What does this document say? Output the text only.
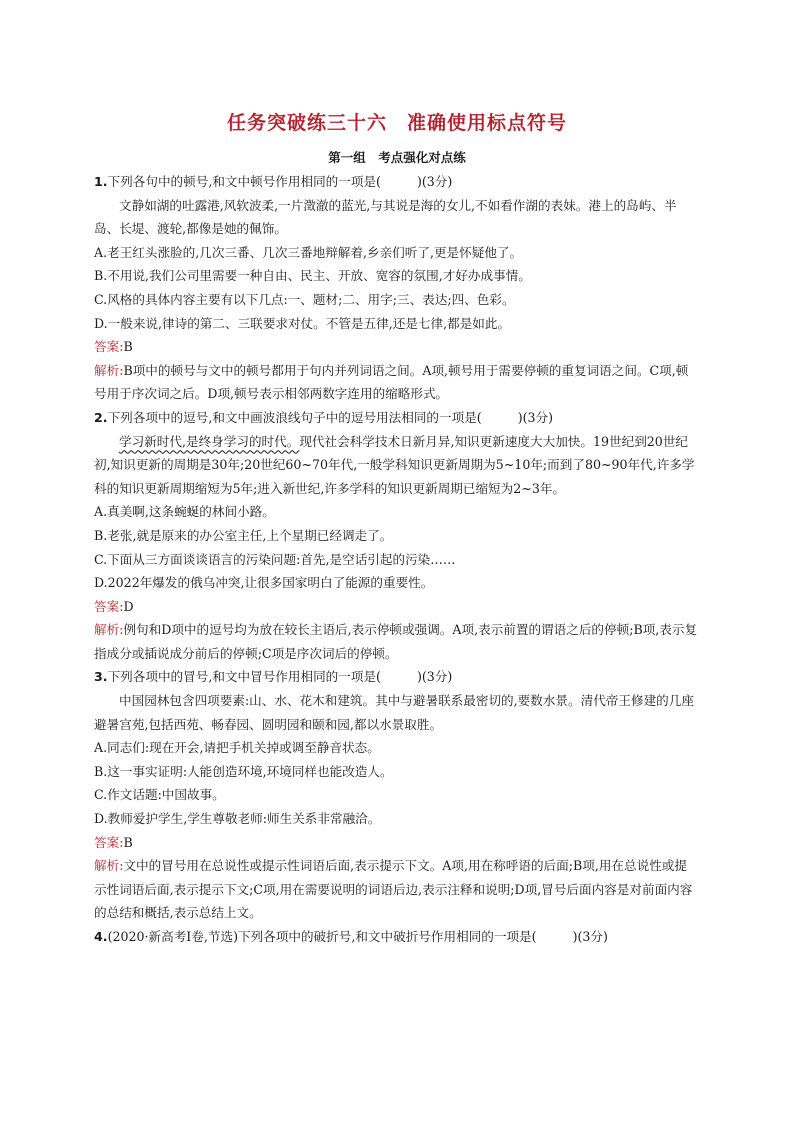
任务突破练三十六　准确使用标点符号
第一组　考点强化对点练

1.下列各句中的顿号,和文中顿号作用相同的一项是(	)(3分)

文静如湖的吐露港,风软波柔,一片澂澈的蓝光,与其说是海的女儿,不如看作湖的表妹。港上的岛屿、半岛、长堤、渡轮,都像是她的佩饰。

A.老王红头涨脸的,几次三番、几次三番地辩解着,乡亲们听了,更是怀疑他了。

B.不用说,我们公司里需要一种自由、民主、开放、宽容的氛围,才好办成事情。

C.风格的具体内容主要有以下几点:一、题材;二、用字;三、表达;四、色彩。

D.一般来说,律诗的第二、三联要求对仗。不管是五律,还是七律,都是如此。

答案:B

解析:B项中的顿号与文中的顿号都用于句内并列词语之间。A项,顿号用于需要停顿的重复词语之间。C项,顿号用于序次词之后。D项,顿号表示相邻两数字连用的缩略形式。

2.下列各项中的逗号,和文中画波浪线句子中的逗号用法相同的一项是(	)(3分)

学习新时代,是终身学习的时代。现代社会科学技术日新月异,知识更新速度大大加快。19世纪到20世纪初,知识更新的周期是30年;20世纪60~70年代,一般学科知识更新周期为5~10年;而到了80~90年代,许多学科的知识更新周期缩短为5年;进入新世纪,许多学科的知识更新周期已缩短为2~3年。

A.真美啊,这条蜿蜒的林间小路。

B.老张,就是原来的办公室主任,上个星期已经调走了。

C.下面从三方面谈谈语言的污染问题:首先,是空话引起的污染……

D.2022年爆发的俄乌冲突,让很多国家明白了能源的重要性。

答案:D

解析:例句和D项中的逗号均为放在较长主语后,表示停顿或强调。A项,表示前置的谓语之后的停顿;B项,表示复指成分或插说成分前后的停顿;C项是序次词后的停顿。

3.下列各项中的冒号,和文中冒号作用相同的一项是(	)(3分)

中国园林包含四项要素:山、水、花木和建筑。其中与避暑联系最密切的,要数水景。清代帝王修建的几座避暑宫苑,包括西苑、畅春园、圆明园和颐和园,都以水景取胜。

A.同志们:现在开会,请把手机关掉或调至静音状态。

B.这一事实证明:人能创造环境,环境同样也能改造人。

C.作文话题:中国故事。

D.教师爱护学生,学生尊敬老师:师生关系非常融洽。

答案:B

解析:文中的冒号用在总说性或提示性词语后面,表示提示下文。A项,用在称呼语的后面;B项,用在总说性或提示性词语后面,表示提示下文;C项,用在需要说明的词语后边,表示注释和说明;D项,冒号后面内容是对前面内容的总结和概括,表示总结上文。

4.(2020·新高考Ⅰ卷,节选)下列各项中的破折号,和文中破折号作用相同的一项是(	)(3分)
